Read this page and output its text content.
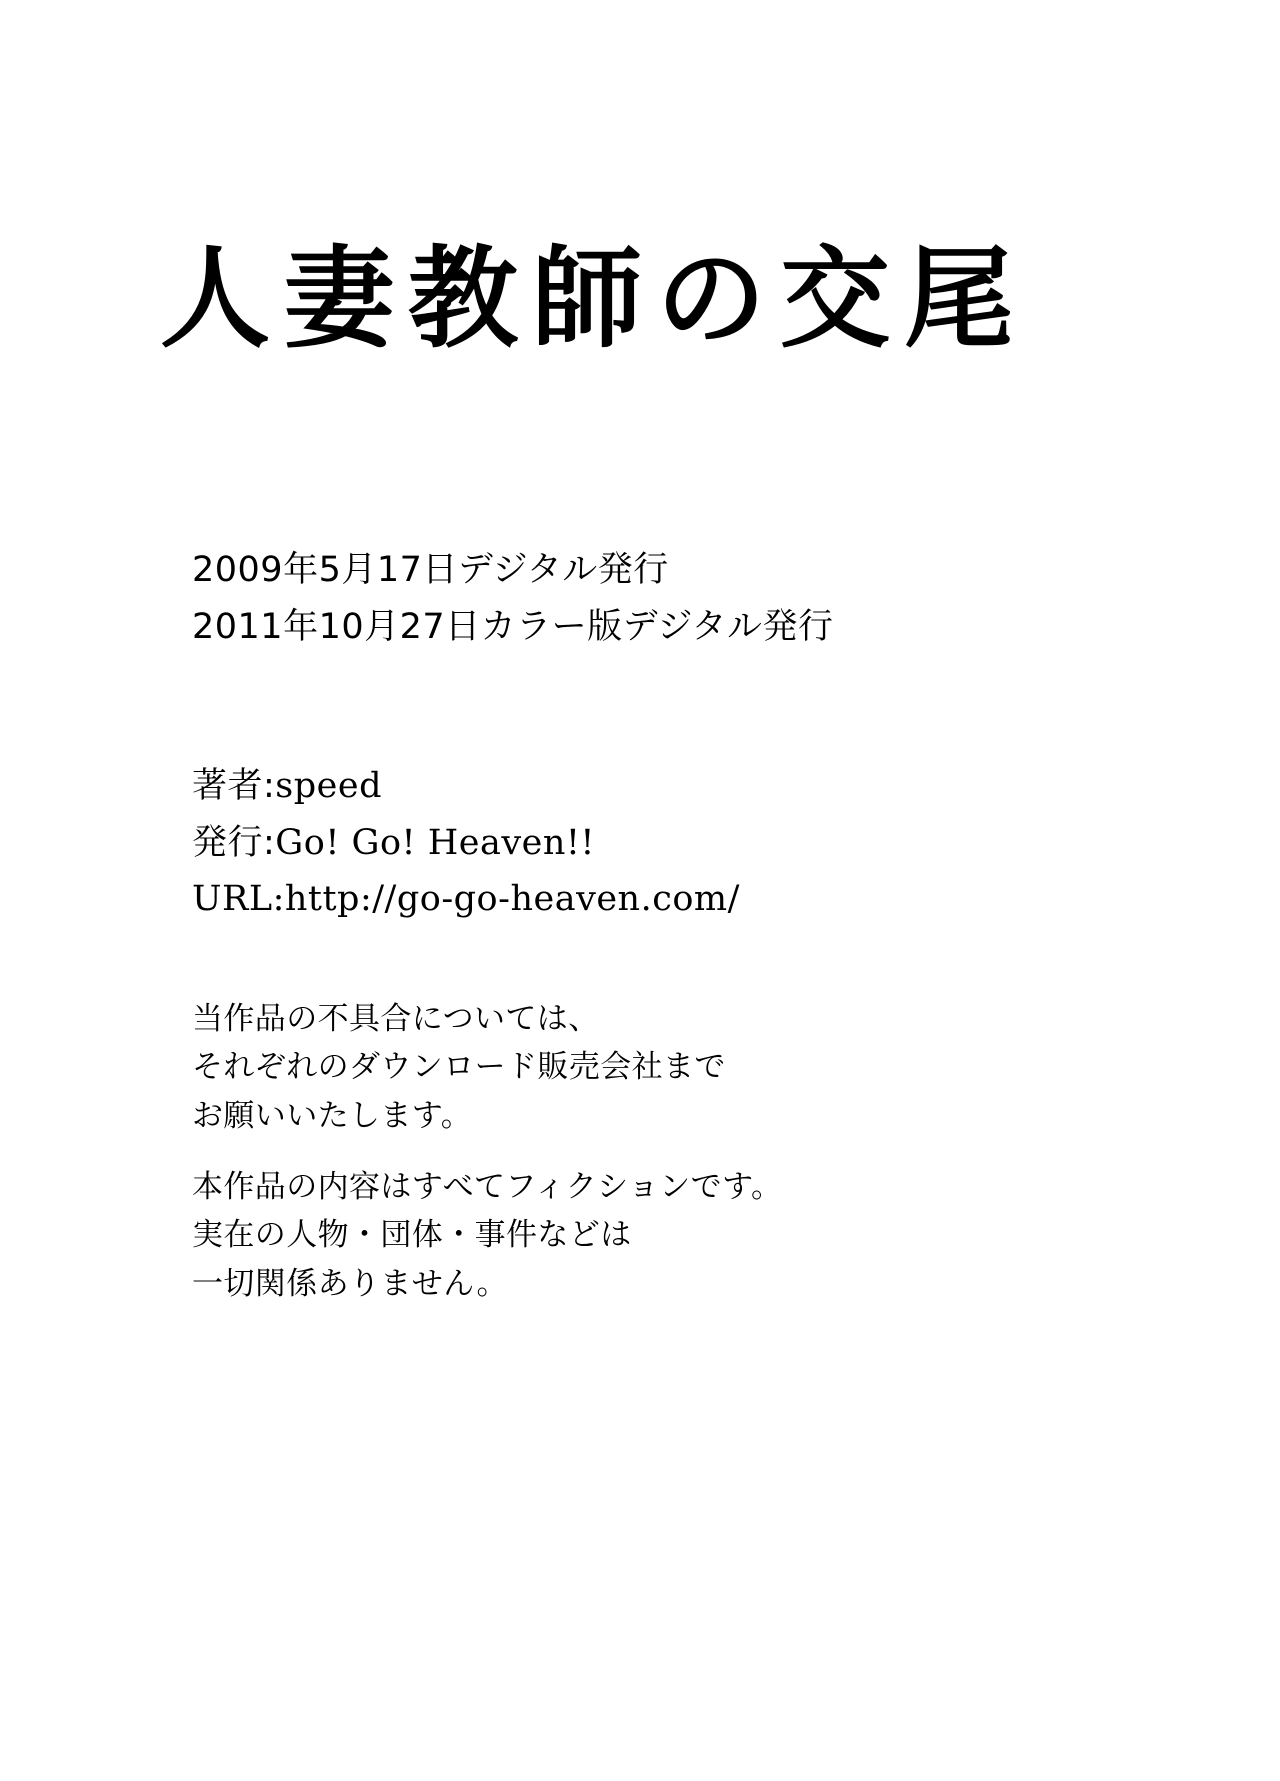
人妻教師の交尾
2009年5月17日デジタル発行
2011年10月27日カラー版デジタル発行
著者:speed
発行:Go! Go! Heaven!!
URL:http://go-go-heaven.com/
当作品の不具合については、
それぞれのダウンロード販売会社まで
お願いいたします。
本作品の内容はすべてフィクションです。
実在の人物・団体・事件などは
一切関係ありません。
